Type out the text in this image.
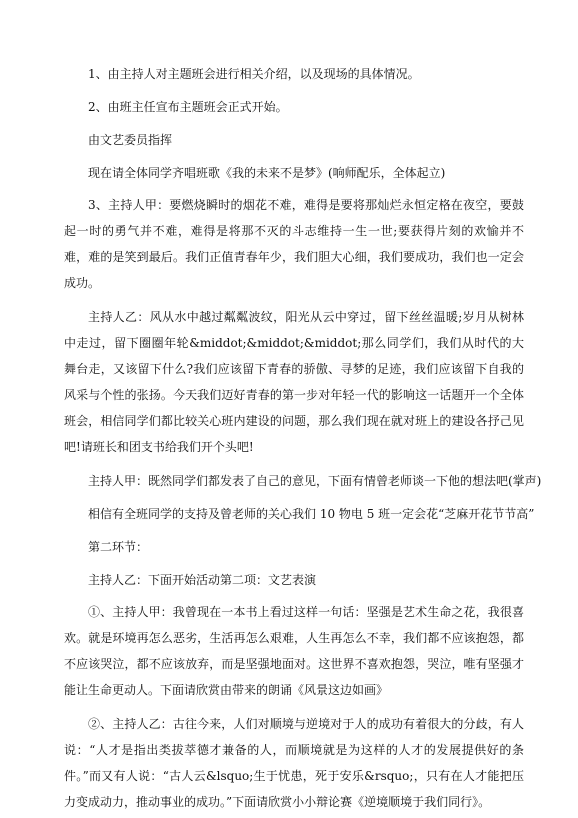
1、由主持人对主题班会进行相关介绍，以及现场的具体情况。

2、由班主任宣布主题班会正式开始。

由文艺委员指挥

现在请全体同学齐唱班歌《我的未来不是梦》(响师配乐，全体起立)

3、主持人甲：要燃烧瞬时的烟花不难，难得是要将那灿烂永恒定格在夜空，要鼓起一时的勇气并不难，难得是将那不灭的斗志维持一生一世;要获得片刻的欢愉并不难，难的是笑到最后。我们正值青春年少，我们胆大心细，我们要成功，我们也一定会成功。

主持人乙：风从水中越过粼粼波纹，阳光从云中穿过，留下丝丝温暖;岁月从树林中走过，留下圈圈年轮&middot;&middot;&middot;那么同学们，我们从时代的大舞台走，又该留下什么?我们应该留下青春的骄傲、寻梦的足迹，我们应该留下自我的风采与个性的张扬。今天我们迈好青春的第一步对年轻一代的影响这一话题开一个全体班会，相信同学们都比较关心班内建设的问题，那么我们现在就对班上的建设各抒己见吧!请班长和团支书给我们开个头吧!

主持人甲：既然同学们都发表了自己的意见，下面有情曾老师谈一下他的想法吧(掌声)

相信有全班同学的支持及曾老师的关心我们 10 物电 5 班一定会花“芝麻开花节节高”

第二环节：

主持人乙：下面开始活动第二项：文艺表演

①、主持人甲：我曾现在一本书上看过这样一句话：坚强是艺术生命之花，我很喜欢。就是环境再怎么恶劣，生活再怎么艰难，人生再怎么不幸，我们都不应该抱怨，都不应该哭泣，都不应该放弃，而是坚强地面对。这世界不喜欢抱怨，哭泣，唯有坚强才能让生命更动人。下面请欣赏由带来的朗诵《风景这边如画》

②、主持人乙：古往今来，人们对顺境与逆境对于人的成功有着很大的分歧，有人说：“人才是指出类拔萃德才兼备的人，而顺境就是为这样的人才的发展提供好的条件。”而又有人说：“古人云&lsquo;生于忧患，死于安乐&rsquo;，只有在人才能把压力变成动力，推动事业的成功。”下面请欣赏小小辩论赛《逆境顺境于我们同行》。
